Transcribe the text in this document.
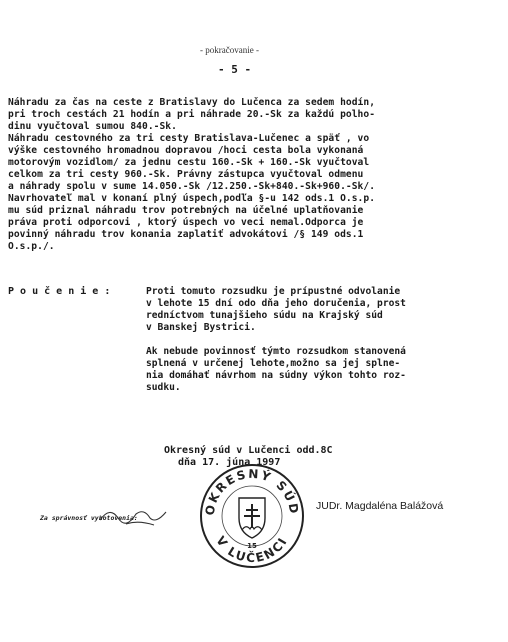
- pokračovanie -
- 5 -
Náhradu za čas na ceste z Bratislavy do Lučenca za sedem hodín,
pri troch cestách 21 hodín a pri náhrade 20.-Sk za každú polho-
dinu vyučtoval sumou 840.-Sk.
Náhradu cestovného za tri cesty Bratislava-Lučenec a späť , vo
výške cestovného hromadnou dopravou /hoci cesta bola vykonaná
motorovým vozidlom/ za jednu cestu 160.-Sk + 160.-Sk vyučtoval
celkom za tri cesty 960.-Sk. Právny zástupca vyučtoval odmenu
a náhrady spolu v sume 14.050.-Sk /12.250.-Sk+840.-Sk+960.-Sk/.
Navrhovateľ mal v konaní plný úspech,podľa §-u 142 ods.1 O.s.p.
mu súd priznal náhradu trov potrebných na účelné uplatňovanie
práva proti odporcovi , ktorý úspech vo veci nemal.Odporca je
povinný náhradu trov konania zaplatiť advokátovi /§ 149 ods.1
O.s.p./.
P o u č e n i e :	Proti tomuto rozsudku je prípustné odvolanie
v lehote 15 dní odo dňa jeho doručenia, prost
redníctvom tunajšieho súdu na Krajský súd
v Banskej Bystrici.
Ak nebude povinnosť týmto rozsudkom stanovená
splnená v určenej lehote,možno sa jej splne-
nia domáhať návrhom na súdny výkon tohto roz-
sudku.
Okresný súd v Lučenci odd.8C
dňa 17. júna 1997
OKRESNÝ SÚD
V LUČENCI
15
JUDr. Magdaléna Balážová
Za správnosť vyhotovenia:
